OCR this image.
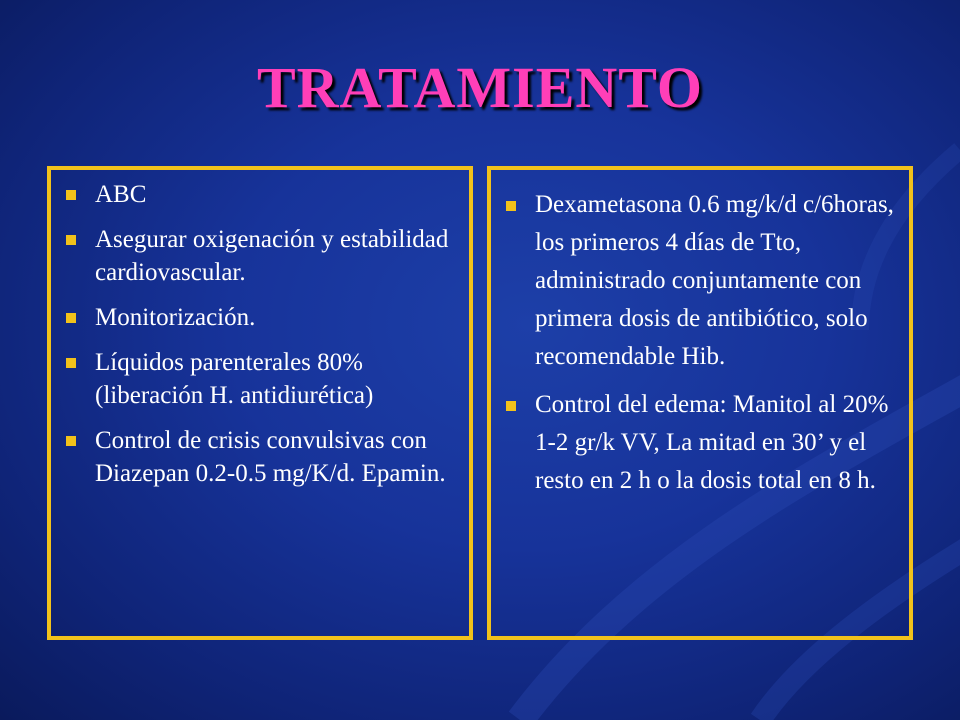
TRATAMIENTO
ABC
Asegurar oxigenación y estabilidad cardiovascular.
Monitorización.
Líquidos parenterales 80% (liberación H. antidiurética)
Control de crisis convulsivas con Diazepan 0.2-0.5 mg/K/d. Epamin.
Dexametasona 0.6 mg/k/d c/6horas, los primeros 4 días de Tto, administrado conjuntamente con primera dosis de antibiótico, solo recomendable Hib.
Control del edema: Manitol al 20% 1-2 gr/k VV, La mitad en 30’ y el resto en 2 h o la dosis total en 8 h.
